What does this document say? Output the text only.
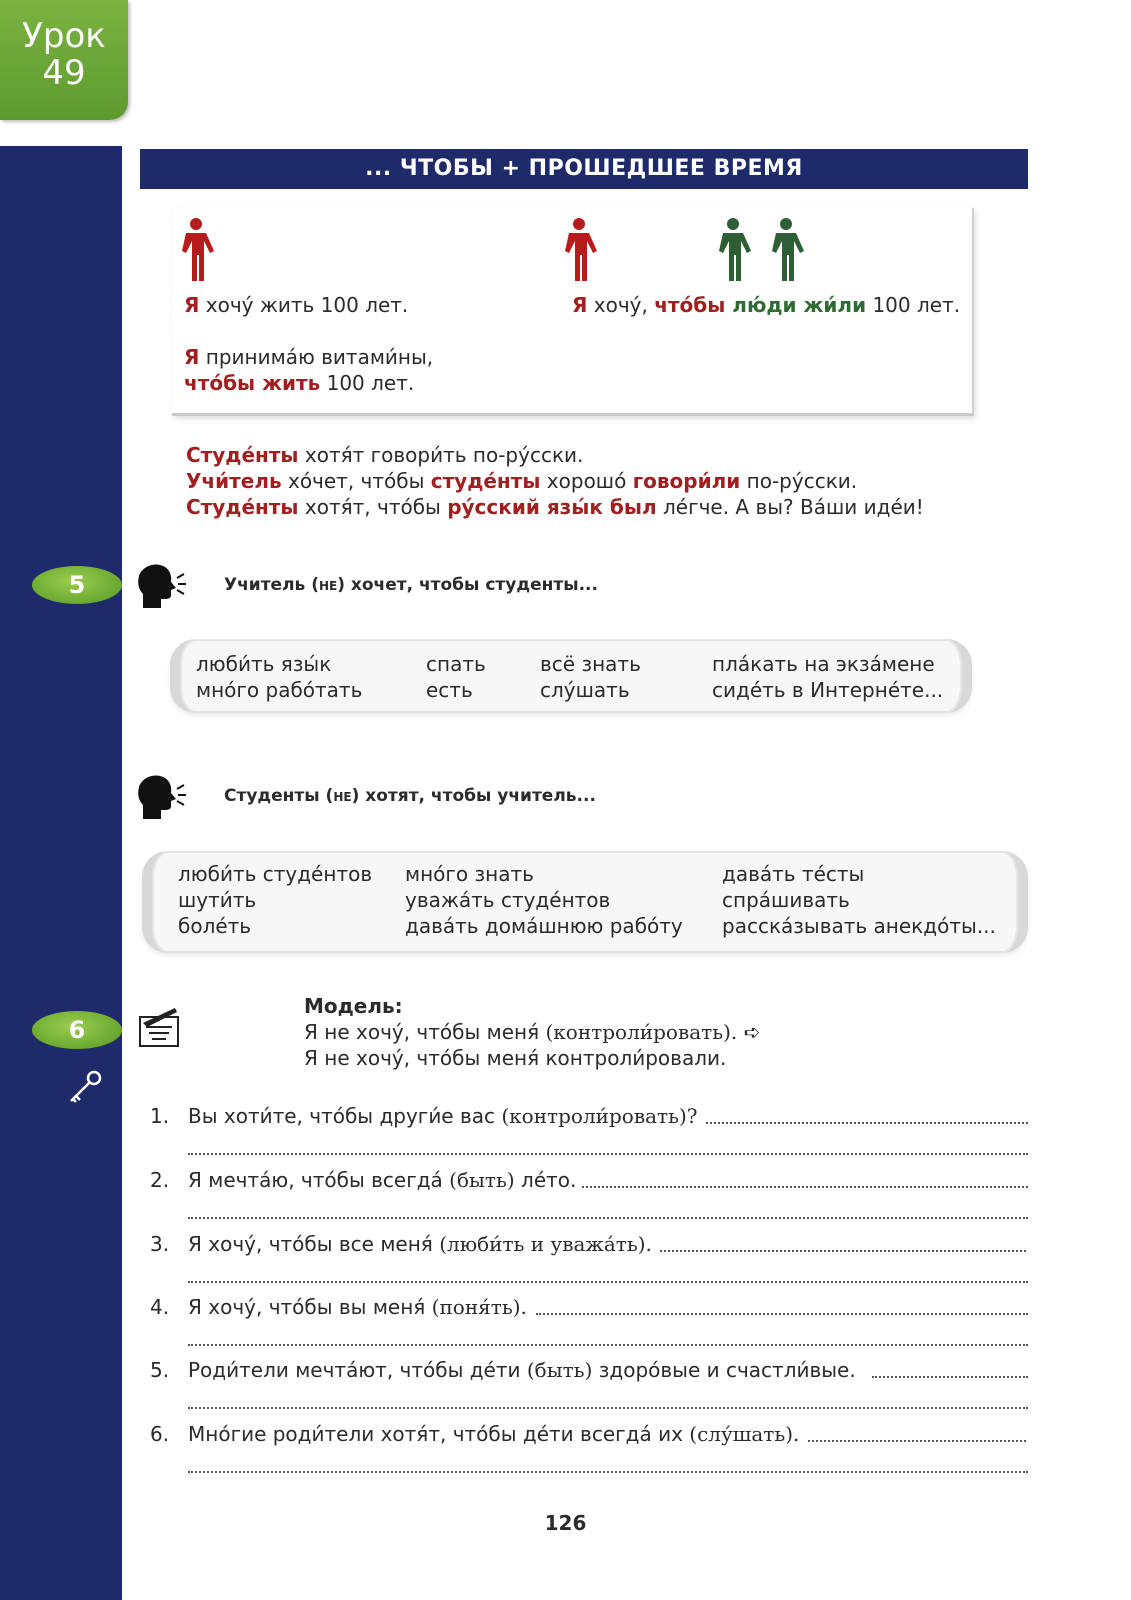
Урок
49
... ЧТОБЫ + ПРОШЕДШЕЕ ВРЕМЯ
Я хочу́ жить 100 лет.
Я принима́ю витами́ны,
что́бы жить 100 лет.
Я хочу́, что́бы лю́ди жи́ли 100 лет.
Студе́нты хотя́т говори́ть по-ру́сски.
Учи́тель хо́чет, что́бы студе́нты хорошо́ говори́ли по-ру́сски.
Студе́нты хотя́т, что́бы ру́сский язы́к был ле́гче. А вы? Ва́ши иде́и!
5	Учитель (не) хочет, чтобы студенты...
люби́ть язы́к
мно́го рабо́тать
спать
есть
всё знать
слу́шать
пла́кать на экза́мене
сиде́ть в Интерне́те...
Студенты (не) хотят, чтобы учитель...
люби́ть студе́нтов
шути́ть
боле́ть
мно́го знать
уважа́ть студе́нтов
дава́ть дома́шнюю рабо́ту
дава́ть те́сты
спра́шивать
расска́зывать анекдо́ты...
6
Модель:
Я не хочу́, что́бы меня́ (контроли́ровать). ➪
Я не хочу́, что́бы меня́ контроли́ровали.
1. Вы хоти́те, что́бы други́е вас (контроли́ровать)?
2. Я мечта́ю, что́бы всегда́ (быть) ле́то.
3. Я хочу́, что́бы все меня́ (люби́ть и уважа́ть).
4. Я хочу́, что́бы вы меня́ (поня́ть).
5. Роди́тели мечта́ют, что́бы де́ти (быть) здоро́вые и счастли́вые.
6. Мно́гие роди́тели хотя́т, что́бы де́ти всегда́ их (слу́шать).
126
